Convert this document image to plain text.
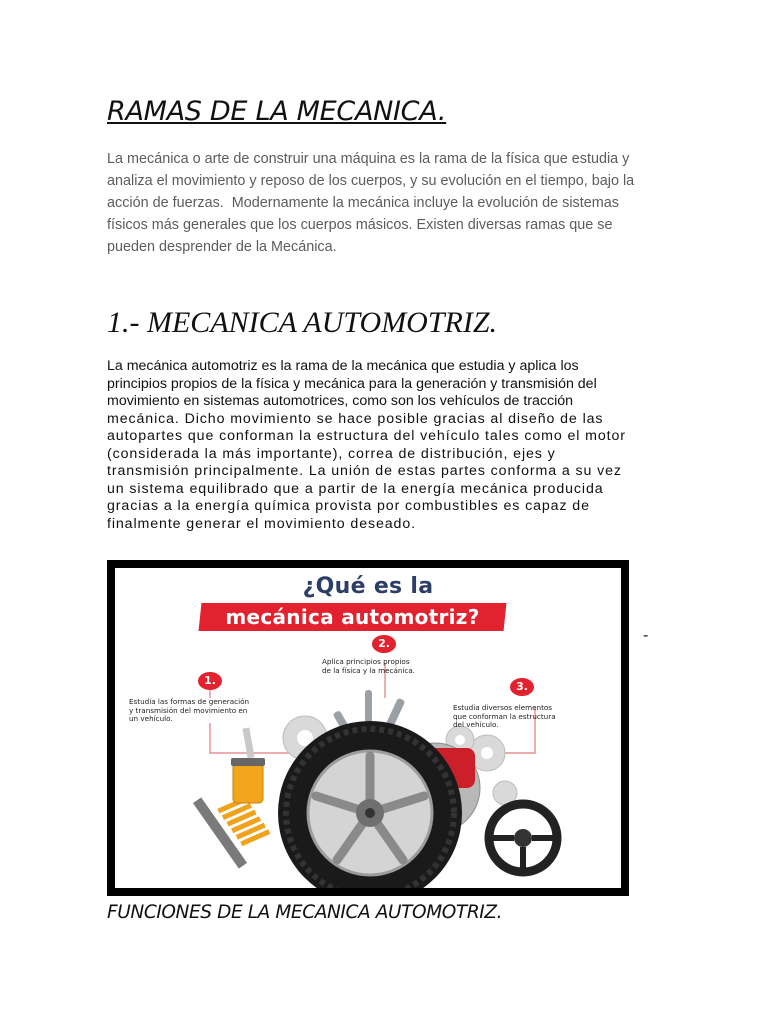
RAMAS DE LA MECANICA.
La mecánica o arte de construir una máquina es la rama de la física que estudia y
analiza el movimiento y reposo de los cuerpos, y su evolución en el tiempo, bajo la
acción de fuerzas.  Modernamente la mecánica incluye la evolución de sistemas
físicos más generales que los cuerpos másicos. Existen diversas ramas que se
pueden desprender de la Mecánica.
1.- MECANICA AUTOMOTRIZ.
La mecánica automotriz es la rama de la mecánica que estudia y aplica los
principios propios de la física y mecánica para la generación y transmisión del
movimiento en sistemas automotrices, como son los vehículos de tracción
mecánica. Dicho movimiento se hace posible gracias al diseño de las
autopartes que conforman la estructura del vehículo tales como el motor
(considerada la más importante), correa de distribución, ejes y
transmisión principalmente. La unión de estas partes conforma a su vez
un sistema equilibrado que a partir de la energía mecánica producida
gracias a la energía química provista por combustibles es capaz de
finalmente generar el movimiento deseado.
¿Qué es la
mecánica automotriz?
1.
Estudia las formas de generación
y transmisión del movimiento en
un vehículo.
2.
Aplica principios propios
de la física y la mecánica.
3.
Estudia diversos elementos
que conforman la estructura
del vehículo.
-
FUNCIONES DE LA MECANICA AUTOMOTRIZ.
